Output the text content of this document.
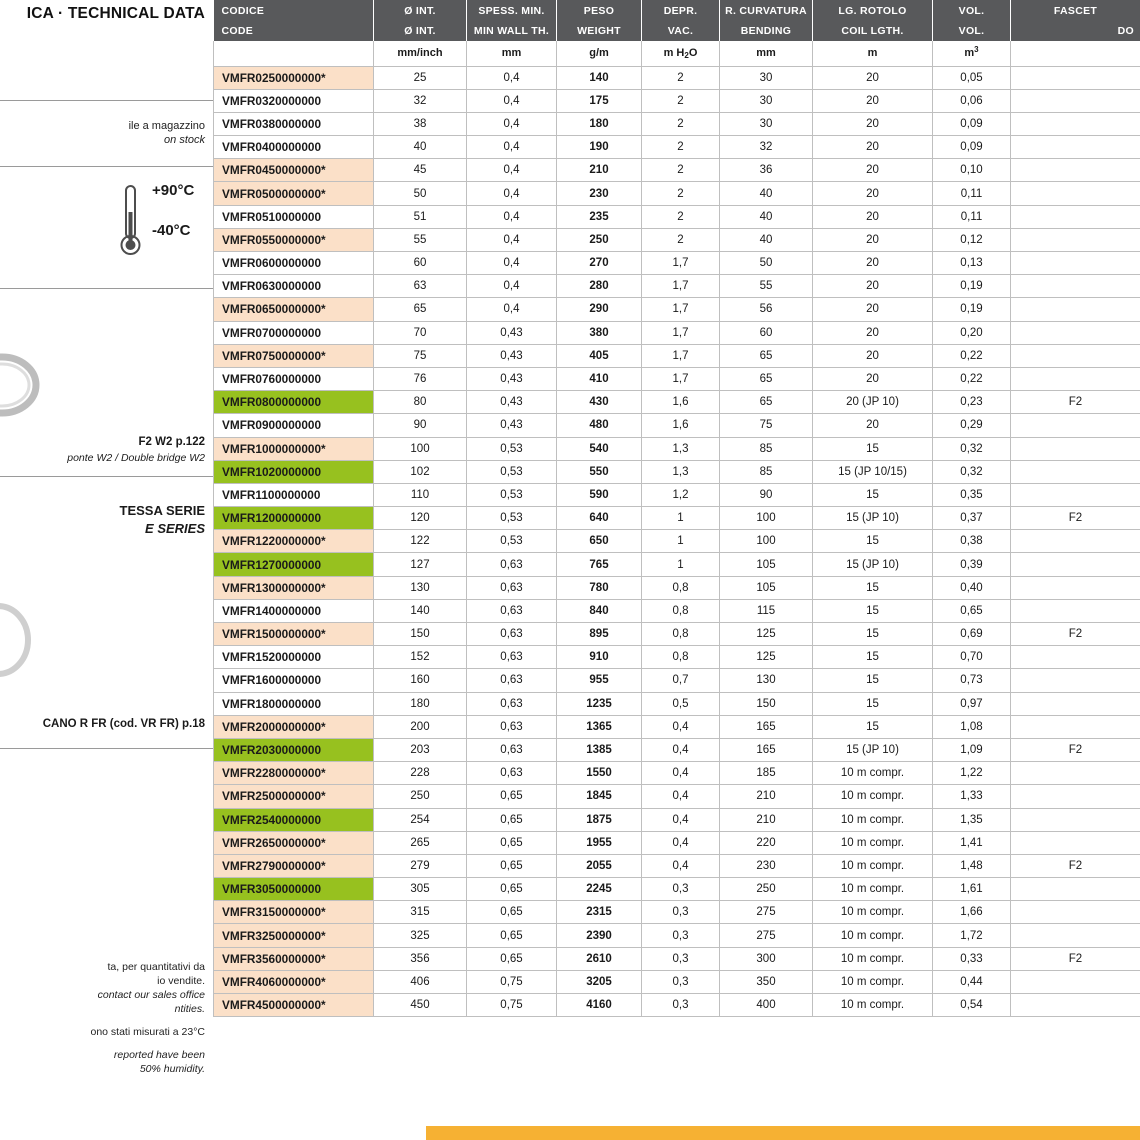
ICA · TECHNICAL DATA
ile a magazzino
on stock
+90°C
-40°C
F2 W2 p.122
ponte W2 / Double bridge W2
TESSA SERIE
E SERIES
CANO R FR (cod. VR FR) p.18
ta, per quantitativi da
io vendite.
contact our sales office
ntities.
ono stati misurati a 23°C
reported have been
50% humidity.
CODICE	Ø INT.	SPESS. MIN.	PESO	DEPR.	R. CURVATURA	LG. ROTOLO	VOL.	FASCET
CODE	Ø INT.	MIN WALL TH.	WEIGHT	VAC.	BENDING	COIL LGTH.	VOL.	DO
	mm/inch	mm	g/m	m $H_2O$	mm	m	$m^3$	
VMFR0250000000*	25	0,4	140	2	30	20	0,05	
VMFR0320000000	32	0,4	175	2	30	20	0,06	
VMFR0380000000	38	0,4	180	2	30	20	0,09	
VMFR0400000000	40	0,4	190	2	32	20	0,09	
VMFR0450000000*	45	0,4	210	2	36	20	0,10	
VMFR0500000000*	50	0,4	230	2	40	20	0,11	
VMFR0510000000	51	0,4	235	2	40	20	0,11	
VMFR0550000000*	55	0,4	250	2	40	20	0,12	
VMFR0600000000	60	0,4	270	1,7	50	20	0,13	
VMFR0630000000	63	0,4	280	1,7	55	20	0,19	
VMFR0650000000*	65	0,4	290	1,7	56	20	0,19	
VMFR0700000000	70	0,43	380	1,7	60	20	0,20	
VMFR0750000000*	75	0,43	405	1,7	65	20	0,22	
VMFR0760000000	76	0,43	410	1,7	65	20	0,22	
VMFR0800000000	80	0,43	430	1,6	65	20 (JP 10)	0,23	F2
VMFR0900000000	90	0,43	480	1,6	75	20	0,29	
VMFR1000000000*	100	0,53	540	1,3	85	15	0,32	
VMFR1020000000	102	0,53	550	1,3	85	15 (JP 10/15)	0,32	
VMFR1100000000	110	0,53	590	1,2	90	15	0,35	
VMFR1200000000	120	0,53	640	1	100	15 (JP 10)	0,37	F2
VMFR1220000000*	122	0,53	650	1	100	15	0,38	
VMFR1270000000	127	0,63	765	1	105	15 (JP 10)	0,39	
VMFR1300000000*	130	0,63	780	0,8	105	15	0,40	
VMFR1400000000	140	0,63	840	0,8	115	15	0,65	
VMFR1500000000*	150	0,63	895	0,8	125	15	0,69	F2
VMFR1520000000	152	0,63	910	0,8	125	15	0,70	
VMFR1600000000	160	0,63	955	0,7	130	15	0,73	
VMFR1800000000	180	0,63	1235	0,5	150	15	0,97	
VMFR2000000000*	200	0,63	1365	0,4	165	15	1,08	
VMFR2030000000	203	0,63	1385	0,4	165	15 (JP 10)	1,09	F2
VMFR2280000000*	228	0,63	1550	0,4	185	10 m compr.	1,22	
VMFR2500000000*	250	0,65	1845	0,4	210	10 m compr.	1,33	
VMFR2540000000	254	0,65	1875	0,4	210	10 m compr.	1,35	
VMFR2650000000*	265	0,65	1955	0,4	220	10 m compr.	1,41	
VMFR2790000000*	279	0,65	2055	0,4	230	10 m compr.	1,48	F2
VMFR3050000000	305	0,65	2245	0,3	250	10 m compr.	1,61	
VMFR3150000000*	315	0,65	2315	0,3	275	10 m compr.	1,66	
VMFR3250000000*	325	0,65	2390	0,3	275	10 m compr.	1,72	
VMFR3560000000*	356	0,65	2610	0,3	300	10 m compr.	0,33	F2
VMFR4060000000*	406	0,75	3205	0,3	350	10 m compr.	0,44	
VMFR4500000000*	450	0,75	4160	0,3	400	10 m compr.	0,54	
